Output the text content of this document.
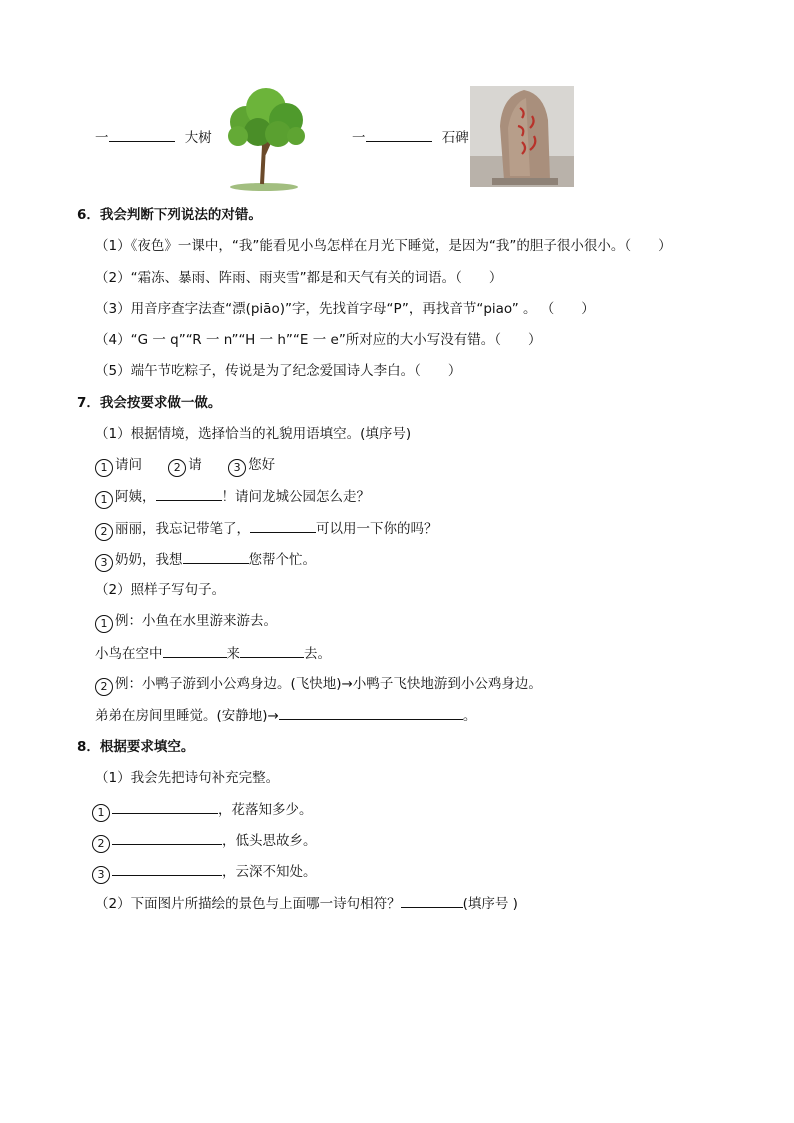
一	大树	一	石碑
6．我会判断下列说法的对错。
（1）《夜色》一课中，“我”能看见小鸟怎样在月光下睡觉，是因为“我”的胆子很小很小。（　　）
（2）“霜冻、暴雨、阵雨、雨夹雪”都是和天气有关的词语。（　　）
（3）用音序查字法查“漂(piāo)”字，先找首字母“P”，再找音节“piao” 。 （　　）
（4）“G 一 q”“R 一 n”“H 一 h”“E 一 e”所对应的大小写没有错。（　　）
（5）端午节吃粽子，传说是为了纪念爱国诗人李白。（　　）
7．我会按要求做一做。
（1）根据情境，选择恰当的礼貌用语填空。(填序号)
1 请问	2 请	3 您好
1 阿姨，	！请问龙城公园怎么走？
2 丽丽，我忘记带笔了，	可以用一下你的吗？
3 奶奶，我想	您帮个忙。
（2）照样子写句子。
1 例：小鱼在水里游来游去。
小鸟在空中	来	去。
2 例：小鸭子游到小公鸡身边。(飞快地)→小鸭子飞快地游到小公鸡身边。
弟弟在房间里睡觉。(安静地)→	。
8．根据要求填空。
（1）我会先把诗句补充完整。
1	，花落知多少。
2	，低头思故乡。
3	，云深不知处。
（2）下面图片所描绘的景色与上面哪一诗句相符？	(填序号 )
